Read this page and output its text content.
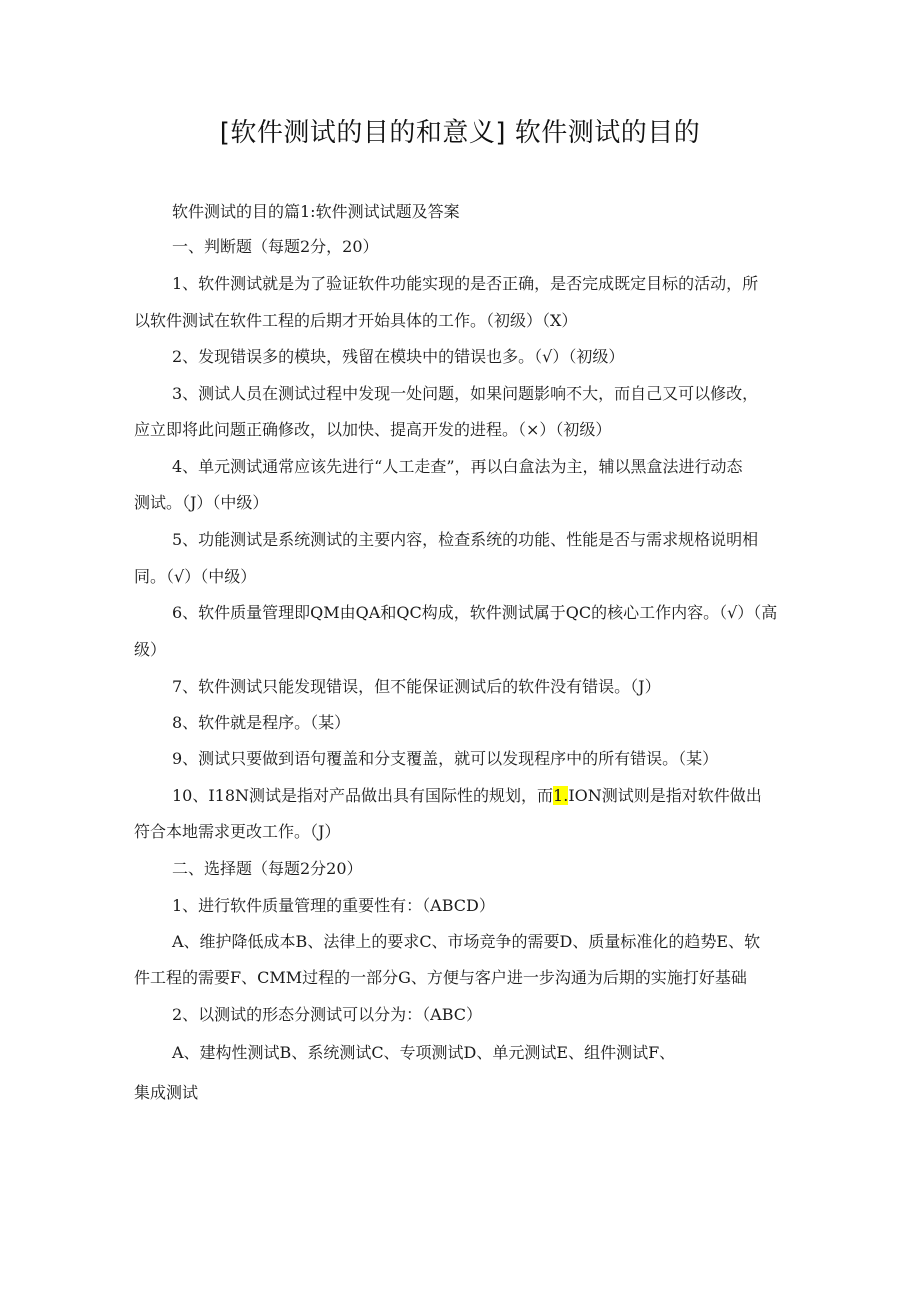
[软件测试的目的和意义] 软件测试的目的
软件测试的目的篇1:软件测试试题及答案
一、判断题（每题2分，20）
1、软件测试就是为了验证软件功能实现的是否正确，是否完成既定目标的活动，所
以软件测试在软件工程的后期才开始具体的工作。（初级）（X）
2、发现错误多的模块，残留在模块中的错误也多。（√）（初级）
3、测试人员在测试过程中发现一处问题，如果问题影响不大，而自己又可以修改，
应立即将此问题正确修改，以加快、提高开发的进程。（×）（初级）
4、单元测试通常应该先进行“人工走查”，再以白盒法为主，辅以黑盒法进行动态
测试。（J）（中级）
5、功能测试是系统测试的主要内容，检查系统的功能、性能是否与需求规格说明相
同。（√）（中级）
6、软件质量管理即QM由QA和QC构成，软件测试属于QC的核心工作内容。（√）（高
级）
7、软件测试只能发现错误，但不能保证测试后的软件没有错误。（J）
8、软件就是程序。（某）
9、测试只要做到语句覆盖和分支覆盖，就可以发现程序中的所有错误。（某）
10、I18N测试是指对产品做出具有国际性的规划，而1.ION测试则是指对软件做出
符合本地需求更改工作。（J）
二、选择题（每题2分20）
1、进行软件质量管理的重要性有：（ABCD）
A、维护降低成本B、法律上的要求C、市场竞争的需要D、质量标准化的趋势E、软
件工程的需要F、CMM过程的一部分G、方便与客户进一步沟通为后期的实施打好基础
2、以测试的形态分测试可以分为：（ABC）
A、建构性测试B、系统测试C、专项测试D、单元测试E、组件测试F、
集成测试
